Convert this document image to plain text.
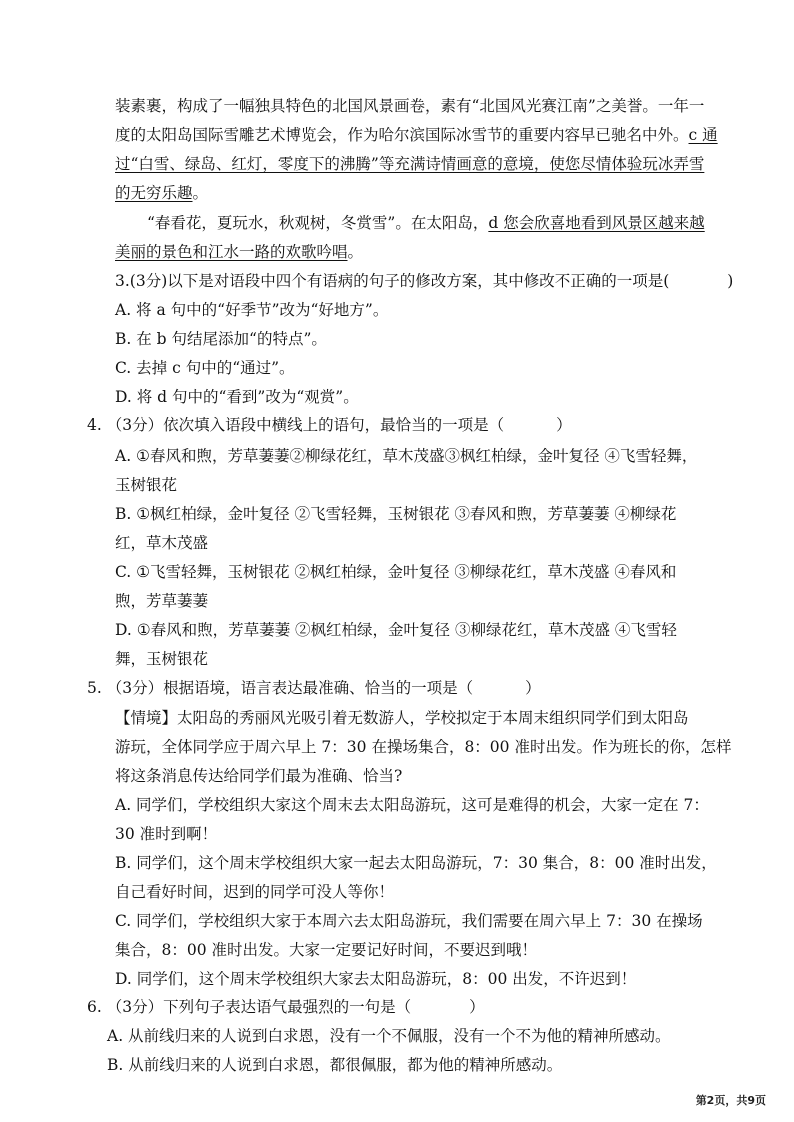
装素裹，构成了一幅独具特色的北国风景画卷，素有“北国风光赛江南”之美誉。一年一
度的太阳岛国际雪雕艺术博览会，作为哈尔滨国际冰雪节的重要内容早已驰名中外。c 通
过“白雪、绿岛、红灯，零度下的沸腾”等充满诗情画意的意境，使您尽情体验玩冰弄雪
的无穷乐趣。
“春看花，夏玩水，秋观树，冬赏雪”。在太阳岛，d 您会欣喜地看到风景区越来越
美丽的景色和江水一路的欢歌吟唱。
3.(3分)以下是对语段中四个有语病的句子的修改方案，其中修改不正确的一项是(	)
A. 将 a 句中的“好季节”改为“好地方”。
B. 在 b 句结尾添加“的特点”。
C. 去掉 c 句中的“通过”。
D. 将 d 句中的“看到”改为“观赏”。
4. （3分）依次填入语段中横线上的语句，最恰当的一项是（	）
A. ①春风和煦，芳草萋萋②柳绿花红，草木茂盛③枫红柏绿，金叶复径 ④飞雪轻舞，
玉树银花
B. ①枫红柏绿，金叶复径 ②飞雪轻舞，玉树银花 ③春风和煦，芳草萋萋 ④柳绿花
红，草木茂盛
C. ①飞雪轻舞，玉树银花 ②枫红柏绿，金叶复径 ③柳绿花红，草木茂盛 ④春风和
煦，芳草萋萋
D. ①春风和煦，芳草萋萋 ②枫红柏绿，金叶复径 ③柳绿花红，草木茂盛 ④飞雪轻
舞，玉树银花
5. （3分）根据语境，语言表达最准确、恰当的一项是（	）
【情境】太阳岛的秀丽风光吸引着无数游人，学校拟定于本周末组织同学们到太阳岛
游玩，全体同学应于周六早上 7：30 在操场集合，8：00 准时出发。作为班长的你，怎样
将这条消息传达给同学们最为准确、恰当?
A. 同学们，学校组织大家这个周末去太阳岛游玩，这可是难得的机会，大家一定在 7：
30 准时到啊！
B. 同学们，这个周末学校组织大家一起去太阳岛游玩，7：30 集合，8：00 准时出发，
自己看好时间，迟到的同学可没人等你！
C. 同学们，学校组织大家于本周六去太阳岛游玩，我们需要在周六早上 7：30 在操场
集合，8：00 准时出发。大家一定要记好时间，不要迟到哦！
D. 同学们，这个周末学校组织大家去太阳岛游玩，8：00 出发，不许迟到！
6. （3分）下列句子表达语气最强烈的一句是（	）
A. 从前线归来的人说到白求恩，没有一个不佩服，没有一个不为他的精神所感动。
B. 从前线归来的人说到白求恩，都很佩服，都为他的精神所感动。
第2页，共9页
